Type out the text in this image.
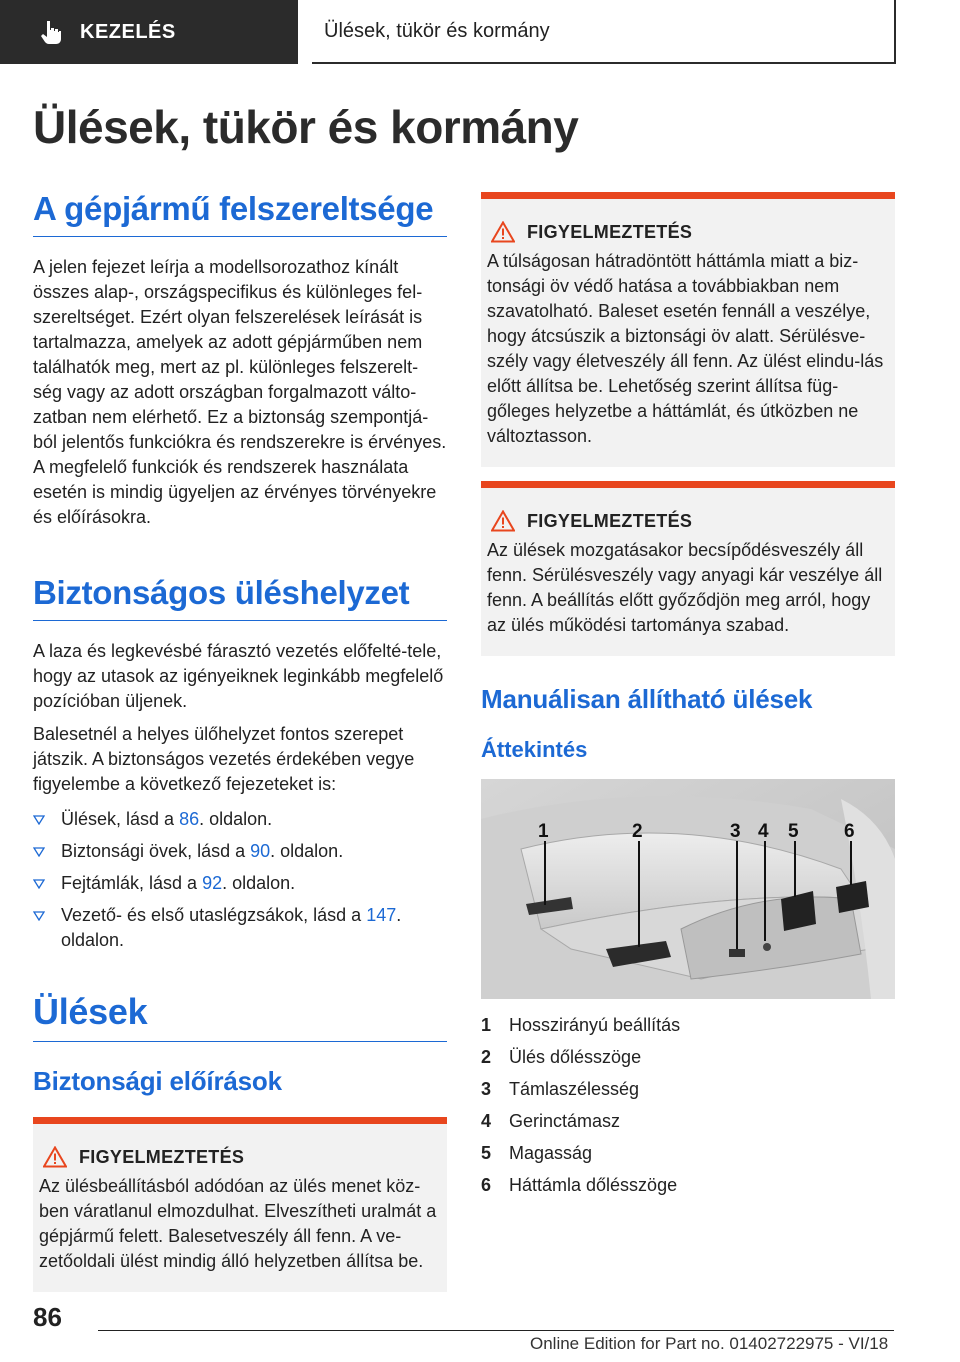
KEZELÉS	Ülések, tükör és kormány
Ülések, tükör és kormány
A gépjármű felszereltsége

A jelen fejezet leírja a modellsorozathoz kínált összes alap-, országspecifikus és különleges fel-szereltséget. Ezért olyan felszerelések leírását is tartalmazza, amelyek az adott gépjárműben nem találhatók meg, mert az pl. különleges felszerelt-ség vagy az adott országban forgalmazott válto-zatban nem elérhető. Ez a biztonság szempontjá-ból jelentős funkciókra és rendszerekre is érvényes. A megfelelő funkciók és rendszerek használata esetén is mindig ügyeljen az érvényes törvényekre és előírásokra.

Biztonságos üléshelyzet

A laza és legkevésbé fárasztó vezetés előfelté-tele, hogy az utasok az igényeiknek leginkább megfelelő pozícióban üljenek.

Balesetnél a helyes ülőhelyzet fontos szerepet játszik. A biztonságos vezetés érdekében vegye figyelembe a következő fejezeteket is:

Ülések, lásd a 86. oldalon.
Biztonsági övek, lásd a 90. oldalon.
Fejtámlák, lásd a 92. oldalon.
Vezető- és első utaslégzsákok, lásd a 147. oldalon.
Ülések
Biztonsági előírások
FIGYELMEZTETÉS

Az ülésbeállításból adódóan az ülés menet köz-ben váratlanul elmozdulhat. Elveszítheti uralmát a gépjármű felett. Balesetveszély áll fenn. A ve-zetőoldali ülést mindig álló helyzetben állítsa be.

FIGYELMEZTETÉS

A túlságosan hátradöntött háttámla miatt a biz-tonsági öv védő hatása a továbbiakban nem szavatolható. Baleset esetén fennáll a veszélye, hogy átcsúszik a biztonsági öv alatt. Sérülésve-szély vagy életveszély áll fenn. Az ülést elindu-lás előtt állítsa be. Lehetőség szerint állítsa füg-gőleges helyzetbe a háttámlát, és útközben ne változtasson.

FIGYELMEZTETÉS

Az ülések mozgatásakor becsípődésveszély áll fenn. Sérülésveszély vagy anyagi kár veszélye áll fenn. A beállítás előtt győződjön meg arról, hogy az ülés működési tartománya szabad.

Manuálisan állítható ülések
Áttekintés
1	2	3 4 5 6
1 Hosszirányú beállítás
2 Ülés dőlésszöge
3 Támlaszélesség
4 Gerinctámasz
5 Magasság
6 Háttámla dőlésszöge
86
Online Edition for Part no. 01402722975 - VI/18
